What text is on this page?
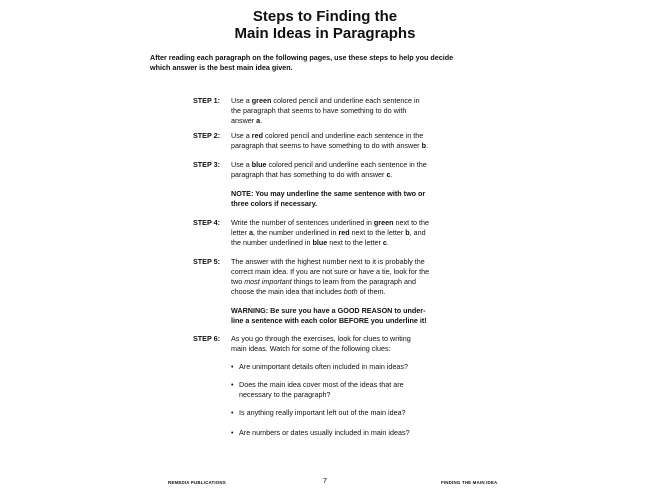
Steps to Finding the
Main Ideas in Paragraphs
After reading each paragraph on the following pages, use these steps to help you decide
which answer is the best main idea given.
STEP 1: Use a green colored pencil and underline each sentence in
the paragraph that seems to have something to do with
answer a.
STEP 2: Use a red colored pencil and underline each sentence in the
paragraph that seems to have something to do with answer b.
STEP 3: Use a blue colored pencil and underline each sentence in the
paragraph that has something to do with answer c.
NOTE: You may underline the same sentence with two or
three colors if necessary.
STEP 4: Write the number of sentences underlined in green next to the
letter a, the number underlined in red next to the letter b, and
the number underlined in blue next to the letter c.
STEP 5: The answer with the highest number next to it is probably the
correct main idea. If you are not sure or have a tie, look for the
two most important things to learn from the paragraph and
choose the main idea that includes both of them.
WARNING: Be sure you have a GOOD REASON to under-
line a sentence with each color BEFORE you underline it!
STEP 6: As you go through the exercises, look for clues to writing
main ideas. Watch for some of the following clues:
• Are unimportant details often included in main ideas?
• Does the main idea cover most of the ideas that are
necessary to the paragraph?
• Is anything really important left out of the main idea?
• Are numbers or dates usually included in main ideas?
REMEDIA PUBLICATIONS	7	FINDING THE MAIN IDEA
